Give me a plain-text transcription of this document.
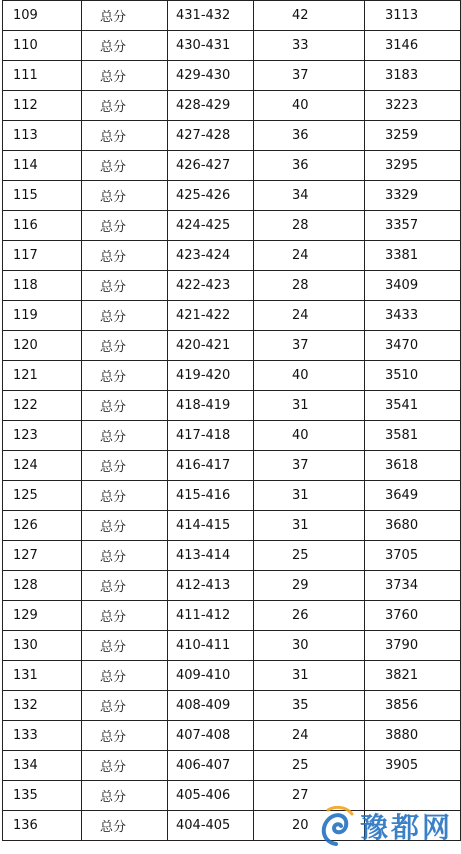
109	总分	431-432	42	3113	
110	总分	430-431	33	3146	
111	总分	429-430	37	3183	
112	总分	428-429	40	3223	
113	总分	427-428	36	3259	
114	总分	426-427	36	3295	
115	总分	425-426	34	3329	
116	总分	424-425	28	3357	
117	总分	423-424	24	3381	
118	总分	422-423	28	3409	
119	总分	421-422	24	3433	
120	总分	420-421	37	3470	
121	总分	419-420	40	3510	
122	总分	418-419	31	3541	
123	总分	417-418	40	3581	
124	总分	416-417	37	3618	
125	总分	415-416	31	3649	
126	总分	414-415	31	3680	
127	总分	413-414	25	3705	
128	总分	412-413	29	3734	
129	总分	411-412	26	3760	
130	总分	410-411	30	3790	
131	总分	409-410	31	3821	
132	总分	408-409	35	3856	
133	总分	407-408	24	3880	
134	总分	406-407	25	3905	
135	总分	405-406	27		
136	总分	404-405	20		豫都网
